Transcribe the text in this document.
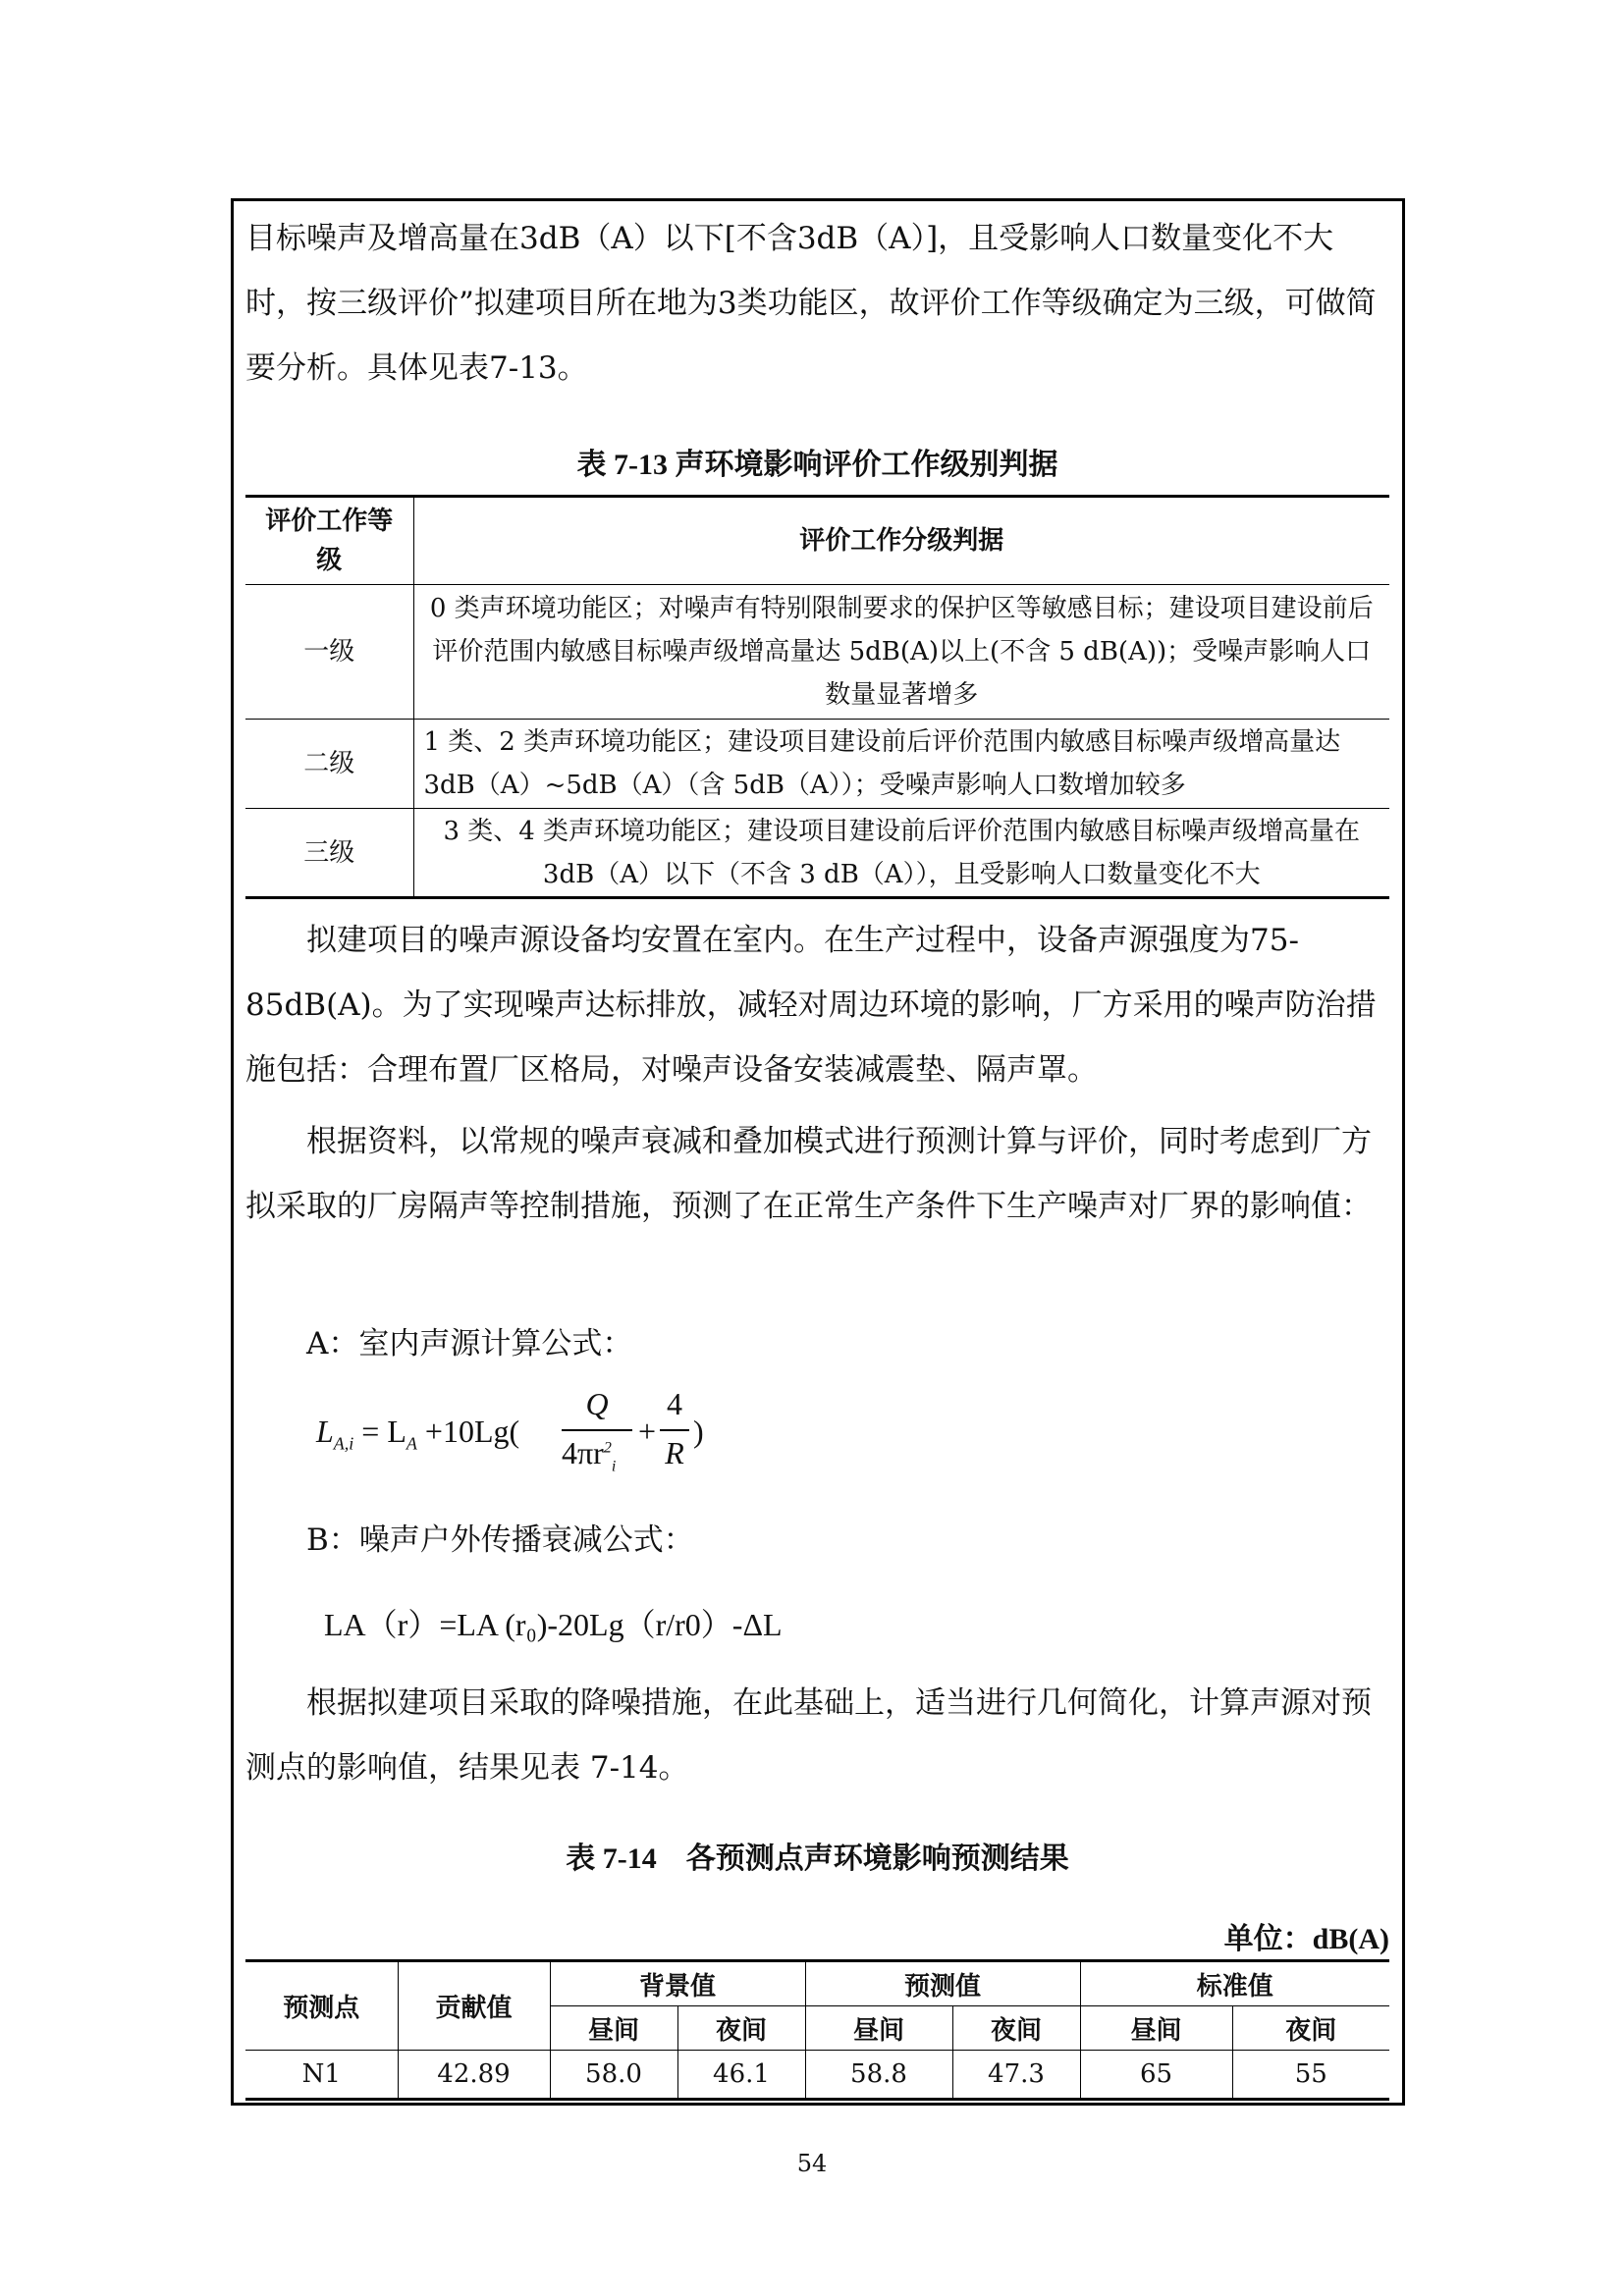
目标噪声及增高量在3dB（A）以下[不含3dB（A）]，且受影响人口数量变化不大时，按三级评价”拟建项目所在地为3类功能区，故评价工作等级确定为三级，可做简要分析。具体见表7-13。

表 7-13 声环境影响评价工作级别判据

评价工作等级	评价工作分级判据
一级	0 类声环境功能区；对噪声有特别限制要求的保护区等敏感目标；建设项目建设前后评价范围内敏感目标噪声级增高量达 5dB(A)以上(不含 5 dB(A))；受噪声影响人口数量显著增多
二级	1 类、2 类声环境功能区；建设项目建设前后评价范围内敏感目标噪声级增高量达 3dB（A）~5dB（A）（含 5dB（A））；受噪声影响人口数增加较多
三级	3 类、4 类声环境功能区；建设项目建设前后评价范围内敏感目标噪声级增高量在 3dB（A）以下（不含 3 dB（A）），且受影响人口数量变化不大

拟建项目的噪声源设备均安置在室内。在生产过程中，设备声源强度为75-85dB(A)。为了实现噪声达标排放，减轻对周边环境的影响，厂方采用的噪声防治措施包括：合理布置厂区格局，对噪声设备安装减震垫、隔声罩。

根据资料，以常规的噪声衰减和叠加模式进行预测计算与评价，同时考虑到厂方拟采取的厂房隔声等控制措施，预测了在正常生产条件下生产噪声对厂界的影响值：

A：室内声源计算公式：

$L_{A,i} = L_A +10Lg$(
Q
$4\pi r^2_i$
+
4
R
)

B：噪声户外传播衰减公式：

LA（r）=LA (r₀)-20Lg（r/r0）-ΔL

根据拟建项目采取的降噪措施，在此基础上，适当进行几何简化，计算声源对预测点的影响值，结果见表 7-14。

表 7-14　各预测点声环境影响预测结果

单位：dB(A)

预测点	贡献值	背景值		预测值		标准值	
		昼间	夜间	昼间	夜间	昼间	夜间
N1	42.89	58.0	46.1	58.8	47.3	65	55
54
